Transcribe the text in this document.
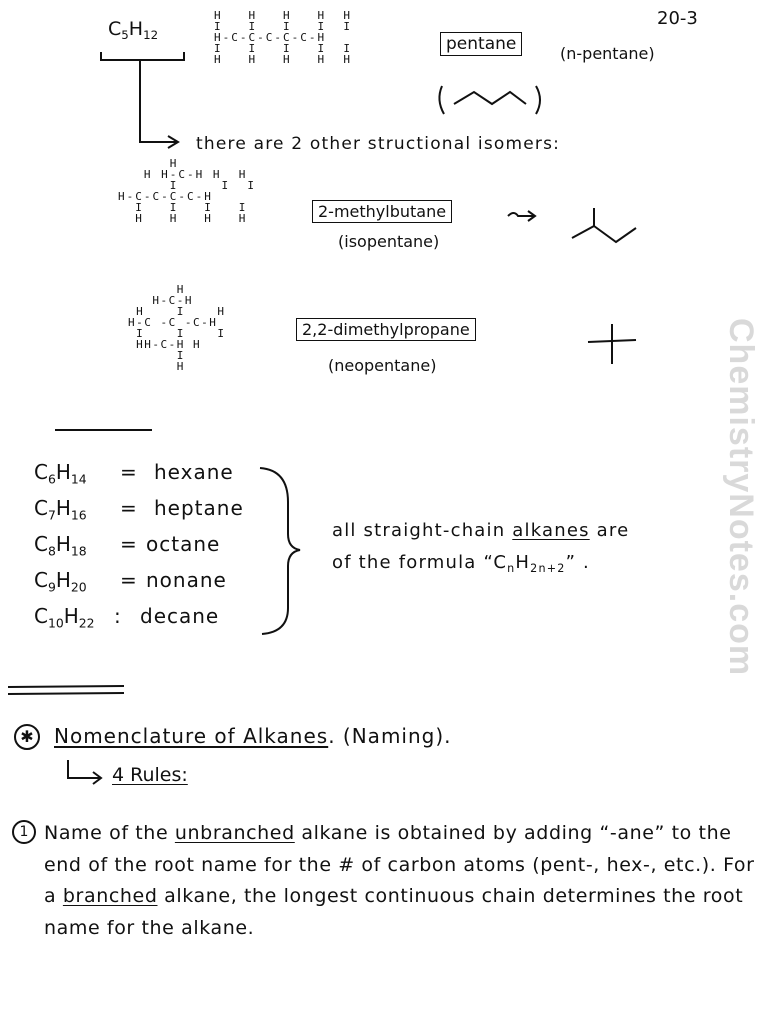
20-3
ChemistryNotes.com
$C_5H_{12}$
H   H   H   H  H
I   I   I   I  I
H-C-C-C-C-C-H
I   I   I   I  I
H   H   H   H  H
pentane	(n-pentane)
there are 2 other structional isomers:
H
H H-C-H H  H
I     I  I
H-C-C-C-C-H
I   I   I   I
H   H   H   H	2-methylbutane
(isopentane)
H
H-C-H
H    I    H
H-C -C -C-H
I    I    I
HH-C-H H
I
H
2,2-dimethylpropane
(neopentane)
$C_6H_{14}$ = hexane
$C_7H_{16} = heptane$
$C_8H_{18} = octane$
$C_9H_{20}$ = nonane
$C_{10}H_{22}$ : decane
all straight-chain alkanes are
of the formula “$C_nH_{2n+2}$” .
✱	Nomenclature of Alkanes. (Naming).
4 Rules:
1 Name of the unbranched alkane is obtained by adding “-ane” to the end of the root name for the # of carbon atoms (pent-, hex-, etc.). For a branched alkane, the longest continuous chain determines the root name for the alkane.
